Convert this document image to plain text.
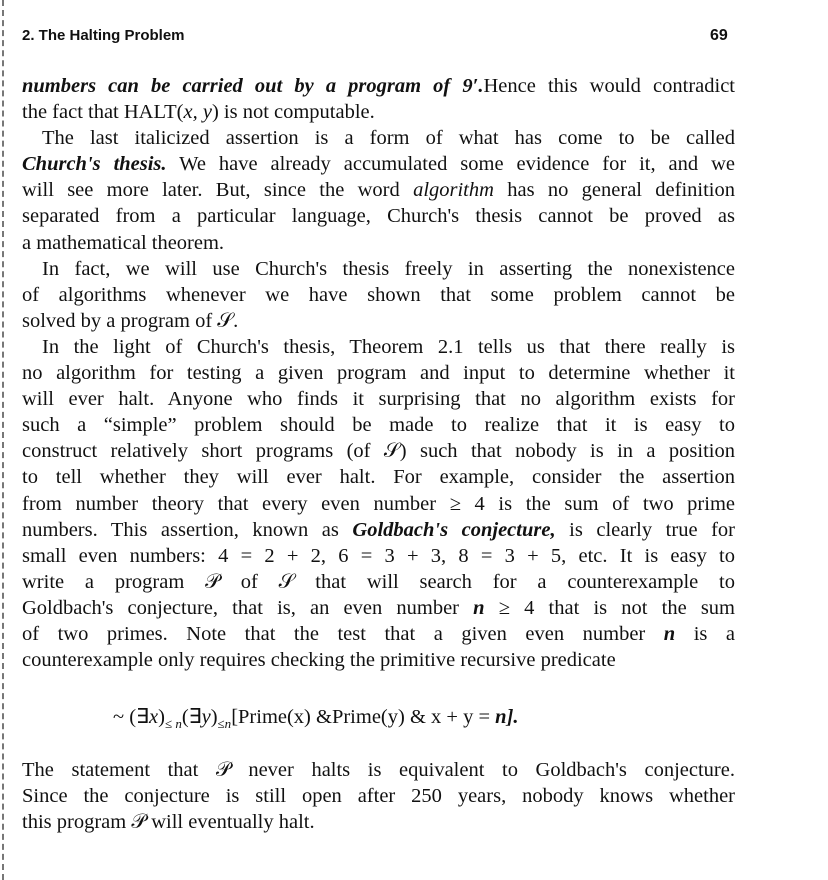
2. The Halting Problem	69
numbers can be carried out by a program of 9′.Hence this would contradict
the fact that HALT(x, y) is not computable.
The last italicized assertion is a form of what has come to be called
Church's thesis. We have already accumulated some evidence for it, and we
will see more later. But, since the word algorithm has no general definition
separated from a particular language, Church's thesis cannot be proved as
a mathematical theorem.
In fact, we will use Church's thesis freely in asserting the nonexistence
of algorithms whenever we have shown that some problem cannot be
solved by a program of 𝒮.
In the light of Church's thesis, Theorem 2.1 tells us that there really is
no algorithm for testing a given program and input to determine whether it
will ever halt. Anyone who finds it surprising that no algorithm exists for
such a “simple” problem should be made to realize that it is easy to
construct relatively short programs (of 𝒮) such that nobody is in a position
to tell whether they will ever halt. For example, consider the assertion
from number theory that every even number ≥ 4 is the sum of two prime
numbers. This assertion, known as Goldbach's conjecture, is clearly true for
small even numbers: 4 = 2 + 2, 6 = 3 + 3, 8 = 3 + 5, etc. It is easy to
write a program 𝒫 of 𝒮 that will search for a counterexample to
Goldbach's conjecture, that is, an even number n ≥ 4 that is not the sum
of two primes. Note that the test that a given even number n is a
counterexample only requires checking the primitive recursive predicate
~ $(\exists x)_{\le n}(\exists y)_{\le n}[Prime(x)$ &Prime(y) & x + y = n].
The statement that 𝒫 never halts is equivalent to Goldbach's conjecture.
Since the conjecture is still open after 250 years, nobody knows whether
this program 𝒫 will eventually halt.
